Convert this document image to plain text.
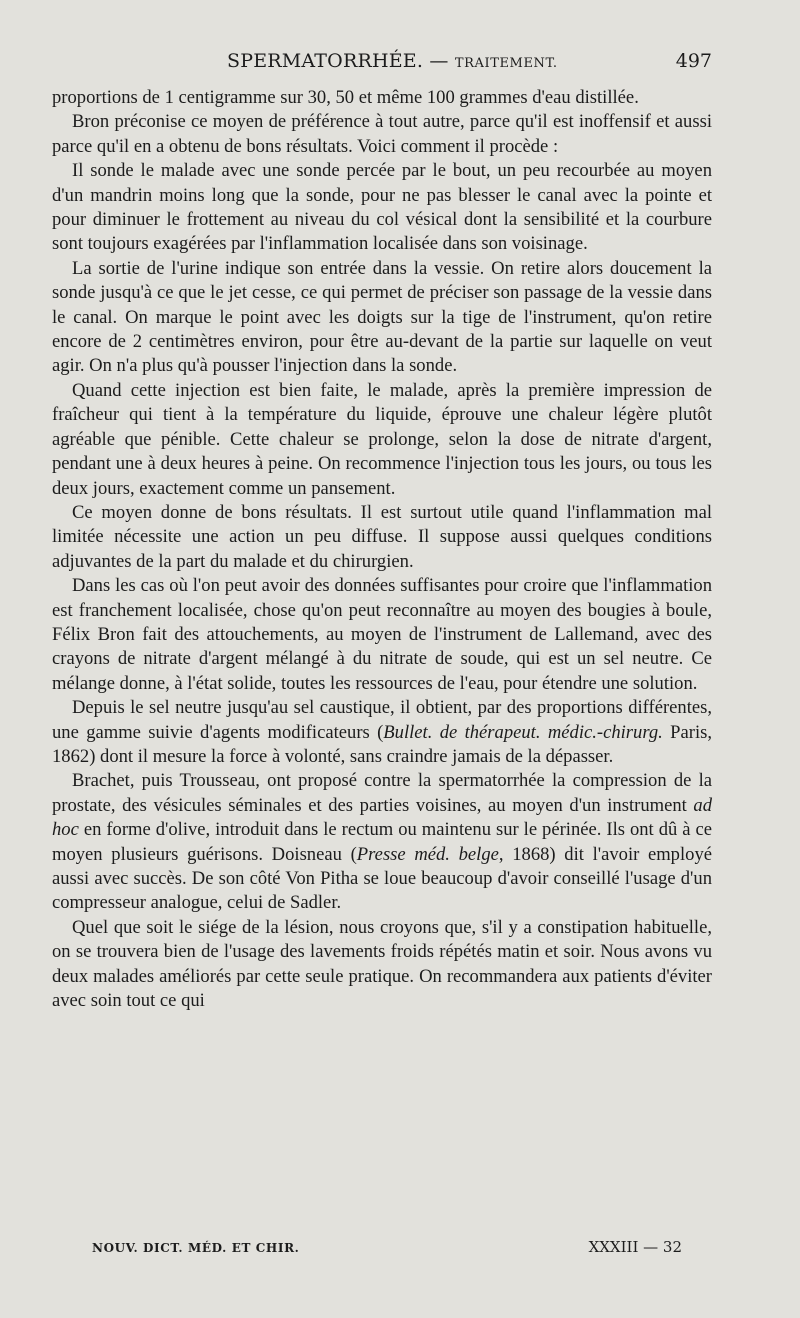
SPERMATORRHÉE. — TRAITEMENT.	497

proportions de 1 centigramme sur 30, 50 et même 100 grammes d'eau distillée.

Bron préconise ce moyen de préférence à tout autre, parce qu'il est inoffensif et aussi parce qu'il en a obtenu de bons résultats. Voici comment il procède :

Il sonde le malade avec une sonde percée par le bout, un peu recourbée au moyen d'un mandrin moins long que la sonde, pour ne pas blesser le canal avec la pointe et pour diminuer le frottement au niveau du col vésical dont la sensibilité et la courbure sont toujours exagérées par l'inflammation localisée dans son voisinage.

La sortie de l'urine indique son entrée dans la vessie. On retire alors doucement la sonde jusqu'à ce que le jet cesse, ce qui permet de préciser son passage de la vessie dans le canal. On marque le point avec les doigts sur la tige de l'instrument, qu'on retire encore de 2 centimètres environ, pour être au-devant de la partie sur laquelle on veut agir. On n'a plus qu'à pousser l'injection dans la sonde.

Quand cette injection est bien faite, le malade, après la première impression de fraîcheur qui tient à la température du liquide, éprouve une chaleur légère plutôt agréable que pénible. Cette chaleur se prolonge, selon la dose de nitrate d'argent, pendant une à deux heures à peine. On recommence l'injection tous les jours, ou tous les deux jours, exactement comme un pansement.

Ce moyen donne de bons résultats. Il est surtout utile quand l'inflammation mal limitée nécessite une action un peu diffuse. Il suppose aussi quelques conditions adjuvantes de la part du malade et du chirurgien.

Dans les cas où l'on peut avoir des données suffisantes pour croire que l'inflammation est franchement localisée, chose qu'on peut reconnaître au moyen des bougies à boule, Félix Bron fait des attouchements, au moyen de l'instrument de Lallemand, avec des crayons de nitrate d'argent mélangé à du nitrate de soude, qui est un sel neutre. Ce mélange donne, à l'état solide, toutes les ressources de l'eau, pour étendre une solution.

Depuis le sel neutre jusqu'au sel caustique, il obtient, par des proportions différentes, une gamme suivie d'agents modificateurs (Bullet. de thérapeut. médic.-chirurg. Paris, 1862) dont il mesure la force à volonté, sans craindre jamais de la dépasser.

Brachet, puis Trousseau, ont proposé contre la spermatorrhée la compression de la prostate, des vésicules séminales et des parties voisines, au moyen d'un instrument ad hoc en forme d'olive, introduit dans le rectum ou maintenu sur le périnée. Ils ont dû à ce moyen plusieurs guérisons. Doisneau (Presse méd. belge, 1868) dit l'avoir employé aussi avec succès. De son côté Von Pitha se loue beaucoup d'avoir conseillé l'usage d'un compresseur analogue, celui de Sadler.

Quel que soit le siége de la lésion, nous croyons que, s'il y a constipation habituelle, on se trouvera bien de l'usage des lavements froids répétés matin et soir. Nous avons vu deux malades améliorés par cette seule pratique. On recommandera aux patients d'éviter avec soin tout ce qui

NOUV. DICT. MÉD. ET CHIR.	XXXIII — 32
